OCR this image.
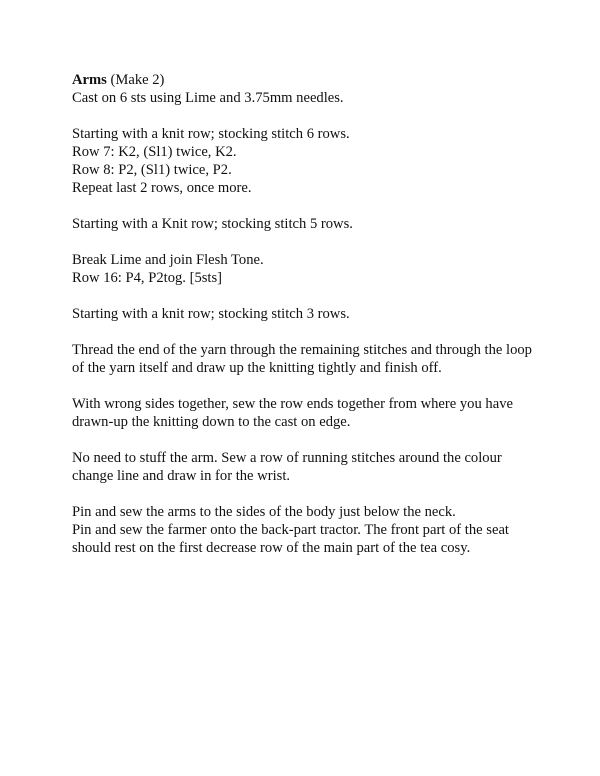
Arms (Make 2)

Cast on 6 sts using Lime and 3.75mm needles.

Starting with a knit row; stocking stitch 6 rows.

Row 7: K2, (Sl1) twice, K2.

Row 8: P2, (Sl1) twice, P2.

Repeat last 2 rows, once more.

Starting with a Knit row; stocking stitch 5 rows.

Break Lime and join Flesh Tone.

Row 16: P4, P2tog. [5sts]

Starting with a knit row; stocking stitch 3 rows.

Thread the end of the yarn through the remaining stitches and through the loop

of the yarn itself and draw up the knitting tightly and finish off.

With wrong sides together, sew the row ends together from where you have

drawn-up the knitting down to the cast on edge.

No need to stuff the arm. Sew a row of running stitches around the colour

change line and draw in for the wrist.

Pin and sew the arms to the sides of the body just below the neck.

Pin and sew the farmer onto the back-part tractor. The front part of the seat

should rest on the first decrease row of the main part of the tea cosy.
